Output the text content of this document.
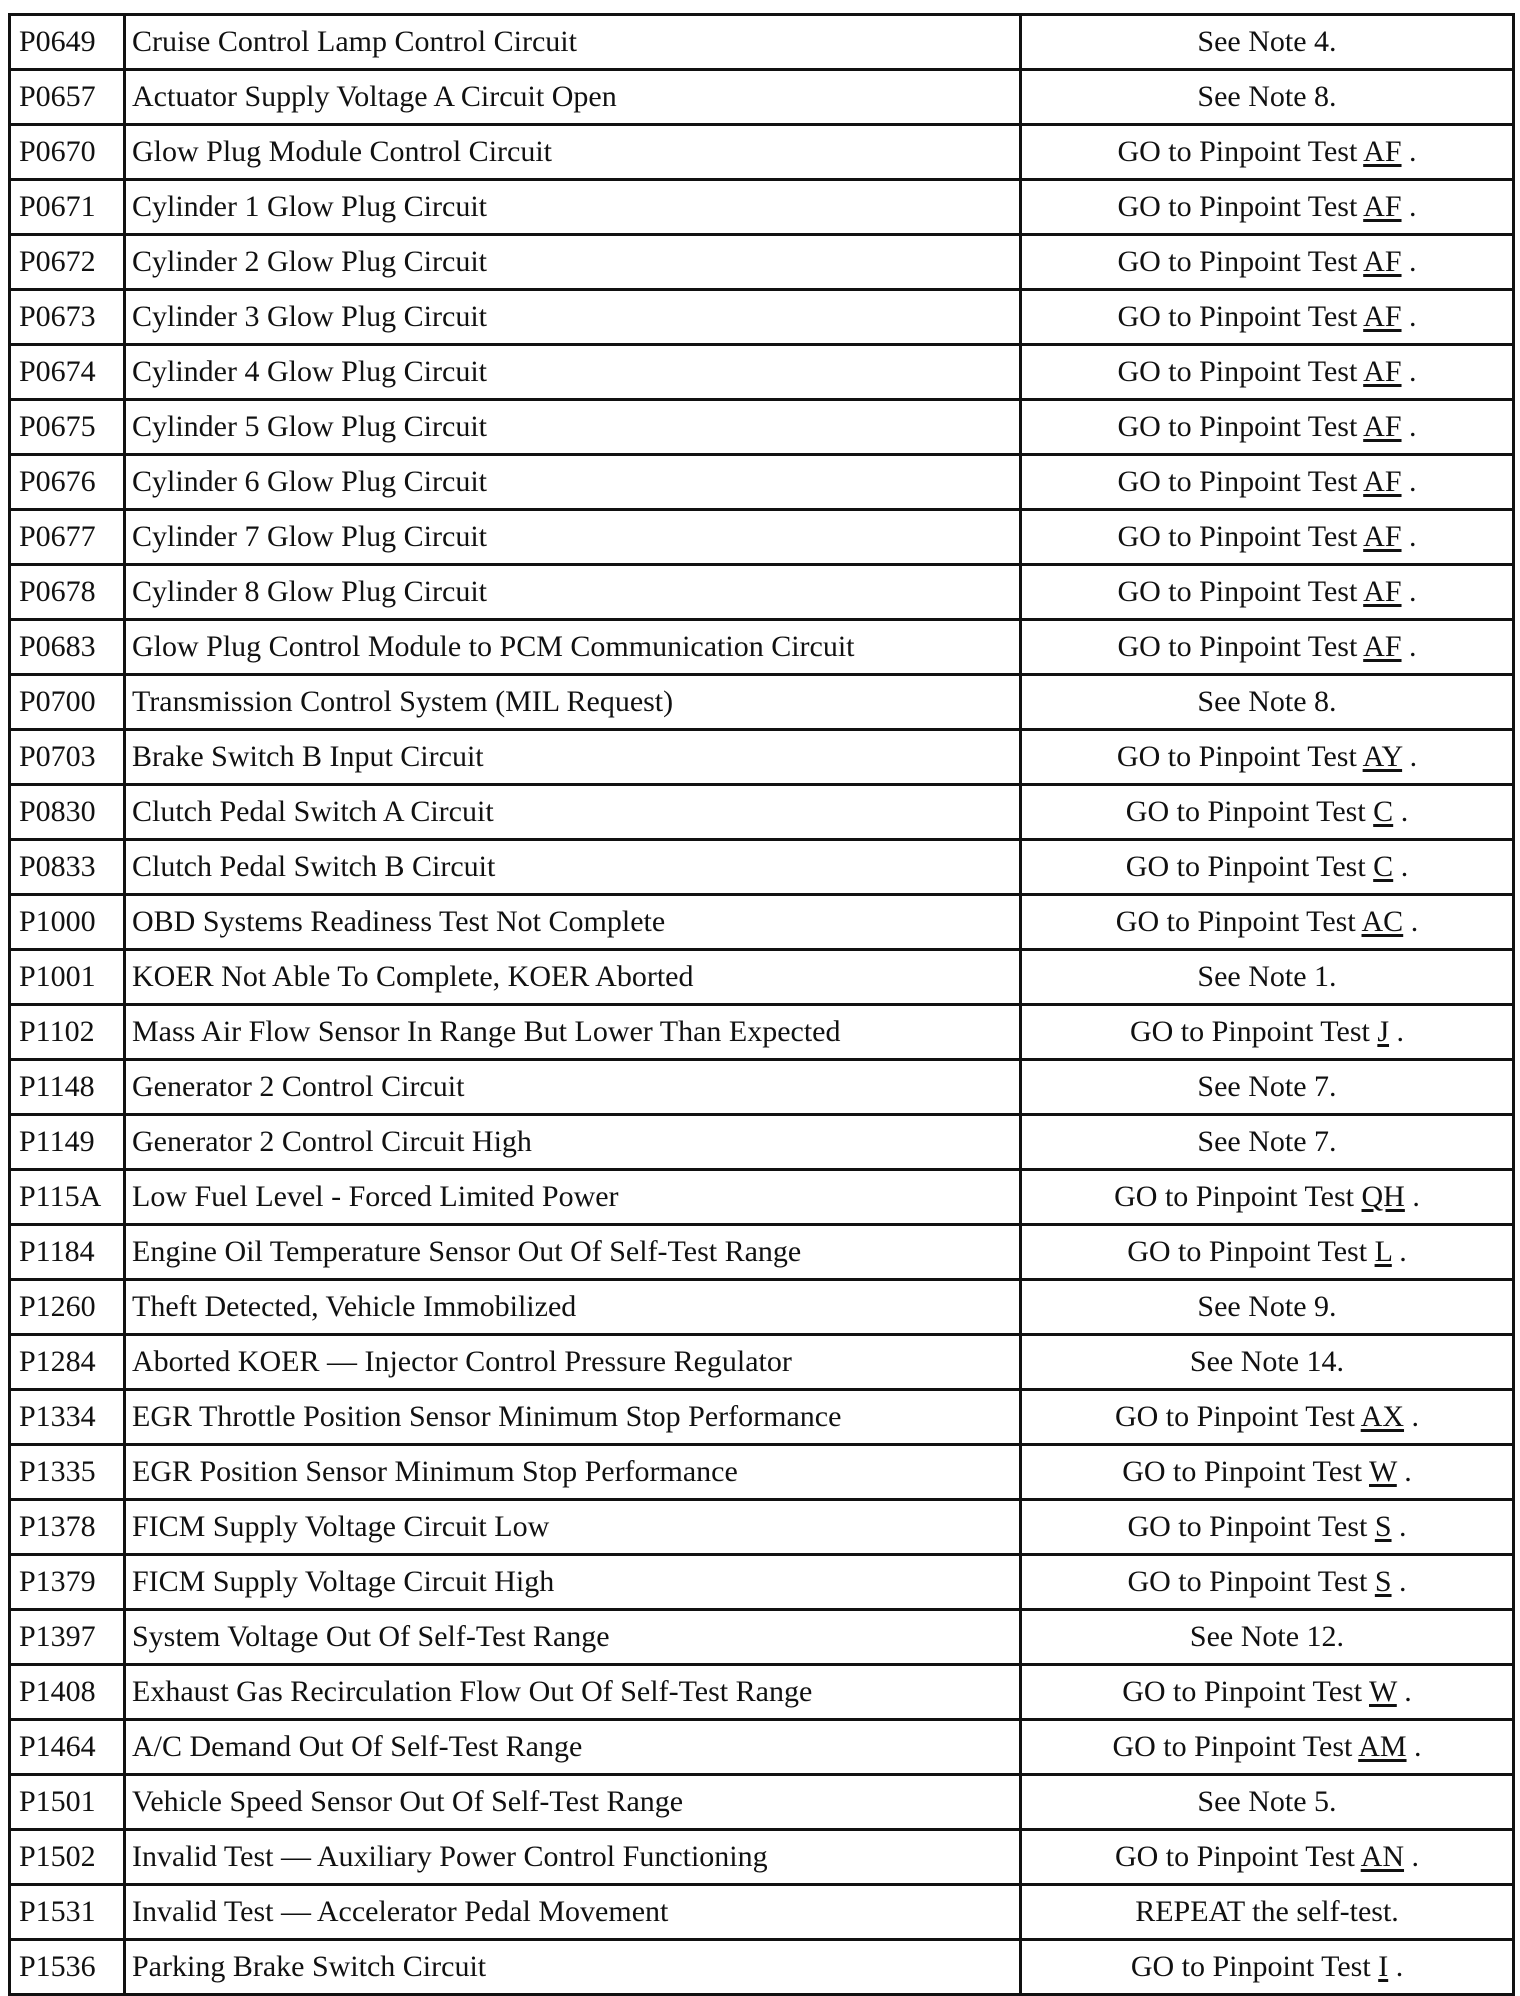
P0649	Cruise Control Lamp Control Circuit	See Note 4.
P0657	Actuator Supply Voltage A Circuit Open	See Note 8.
P0670	Glow Plug Module Control Circuit	GO to Pinpoint Test AF .
P0671	Cylinder 1 Glow Plug Circuit	GO to Pinpoint Test AF .
P0672	Cylinder 2 Glow Plug Circuit	GO to Pinpoint Test AF .
P0673	Cylinder 3 Glow Plug Circuit	GO to Pinpoint Test AF .
P0674	Cylinder 4 Glow Plug Circuit	GO to Pinpoint Test AF .
P0675	Cylinder 5 Glow Plug Circuit	GO to Pinpoint Test AF .
P0676	Cylinder 6 Glow Plug Circuit	GO to Pinpoint Test AF .
P0677	Cylinder 7 Glow Plug Circuit	GO to Pinpoint Test AF .
P0678	Cylinder 8 Glow Plug Circuit	GO to Pinpoint Test AF .
P0683	Glow Plug Control Module to PCM Communication Circuit	GO to Pinpoint Test AF .
P0700	Transmission Control System (MIL Request)	See Note 8.
P0703	Brake Switch B Input Circuit	GO to Pinpoint Test AY .
P0830	Clutch Pedal Switch A Circuit	GO to Pinpoint Test C .
P0833	Clutch Pedal Switch B Circuit	GO to Pinpoint Test C .
P1000	OBD Systems Readiness Test Not Complete	GO to Pinpoint Test AC .
P1001	KOER Not Able To Complete, KOER Aborted	See Note 1.
P1102	Mass Air Flow Sensor In Range But Lower Than Expected	GO to Pinpoint Test J .
P1148	Generator 2 Control Circuit	See Note 7.
P1149	Generator 2 Control Circuit High	See Note 7.
P115A	Low Fuel Level - Forced Limited Power	GO to Pinpoint Test QH .
P1184	Engine Oil Temperature Sensor Out Of Self-Test Range	GO to Pinpoint Test L .
P1260	Theft Detected, Vehicle Immobilized	See Note 9.
P1284	Aborted KOER — Injector Control Pressure Regulator	See Note 14.
P1334	EGR Throttle Position Sensor Minimum Stop Performance	GO to Pinpoint Test AX .
P1335	EGR Position Sensor Minimum Stop Performance	GO to Pinpoint Test W .
P1378	FICM Supply Voltage Circuit Low	GO to Pinpoint Test S .
P1379	FICM Supply Voltage Circuit High	GO to Pinpoint Test S .
P1397	System Voltage Out Of Self-Test Range	See Note 12.
P1408	Exhaust Gas Recirculation Flow Out Of Self-Test Range	GO to Pinpoint Test W .
P1464	A/C Demand Out Of Self-Test Range	GO to Pinpoint Test AM .
P1501	Vehicle Speed Sensor Out Of Self-Test Range	See Note 5.
P1502	Invalid Test — Auxiliary Power Control Functioning	GO to Pinpoint Test AN .
P1531	Invalid Test — Accelerator Pedal Movement	REPEAT the self-test.
P1536	Parking Brake Switch Circuit	GO to Pinpoint Test I .
